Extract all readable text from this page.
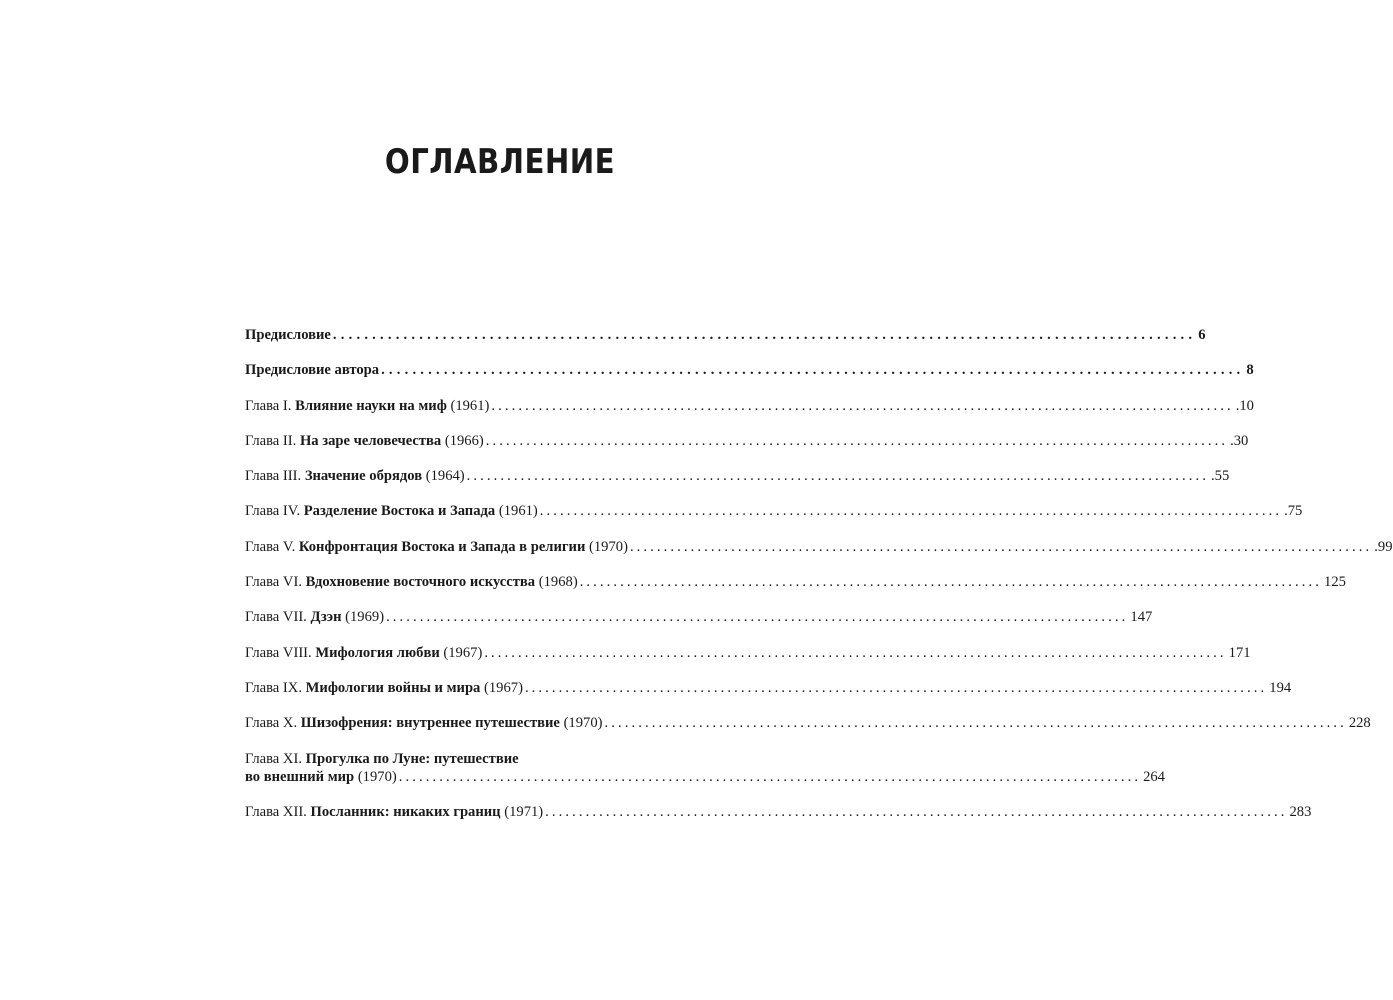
ОГЛАВЛЕНИЕ
Предисловие .............................................................................................................. 6
Предисловие автора .............................................................................................................. 8
Глава I. Влияние науки на миф (1961) .............................................................................................................. .10
Глава II. На заре человечества (1966) .............................................................................................................. .30
Глава III. Значение обрядов (1964) .............................................................................................................. .55
Глава IV. Разделение Востока и Запада (1961) .............................................................................................................. .75
Глава V. Конфронтация Востока и Запада в религии (1970) .............................................................................................................. .99
Глава VI. Вдохновение восточного искусства (1968) .............................................................................................................. 125
Глава VII. Дзэн (1969) .............................................................................................................. 147
Глава VIII. Мифология любви (1967) .............................................................................................................. 171
Глава IX. Мифологии войны и мира (1967) .............................................................................................................. 194
Глава X. Шизофрения: внутреннее путешествие (1970) .............................................................................................................. 228
Глава XI. Прогулка по Луне: путешествие
во внешний мир (1970) .............................................................................................................. 264
Глава XII. Посланник: никаких границ (1971) .............................................................................................................. 283
